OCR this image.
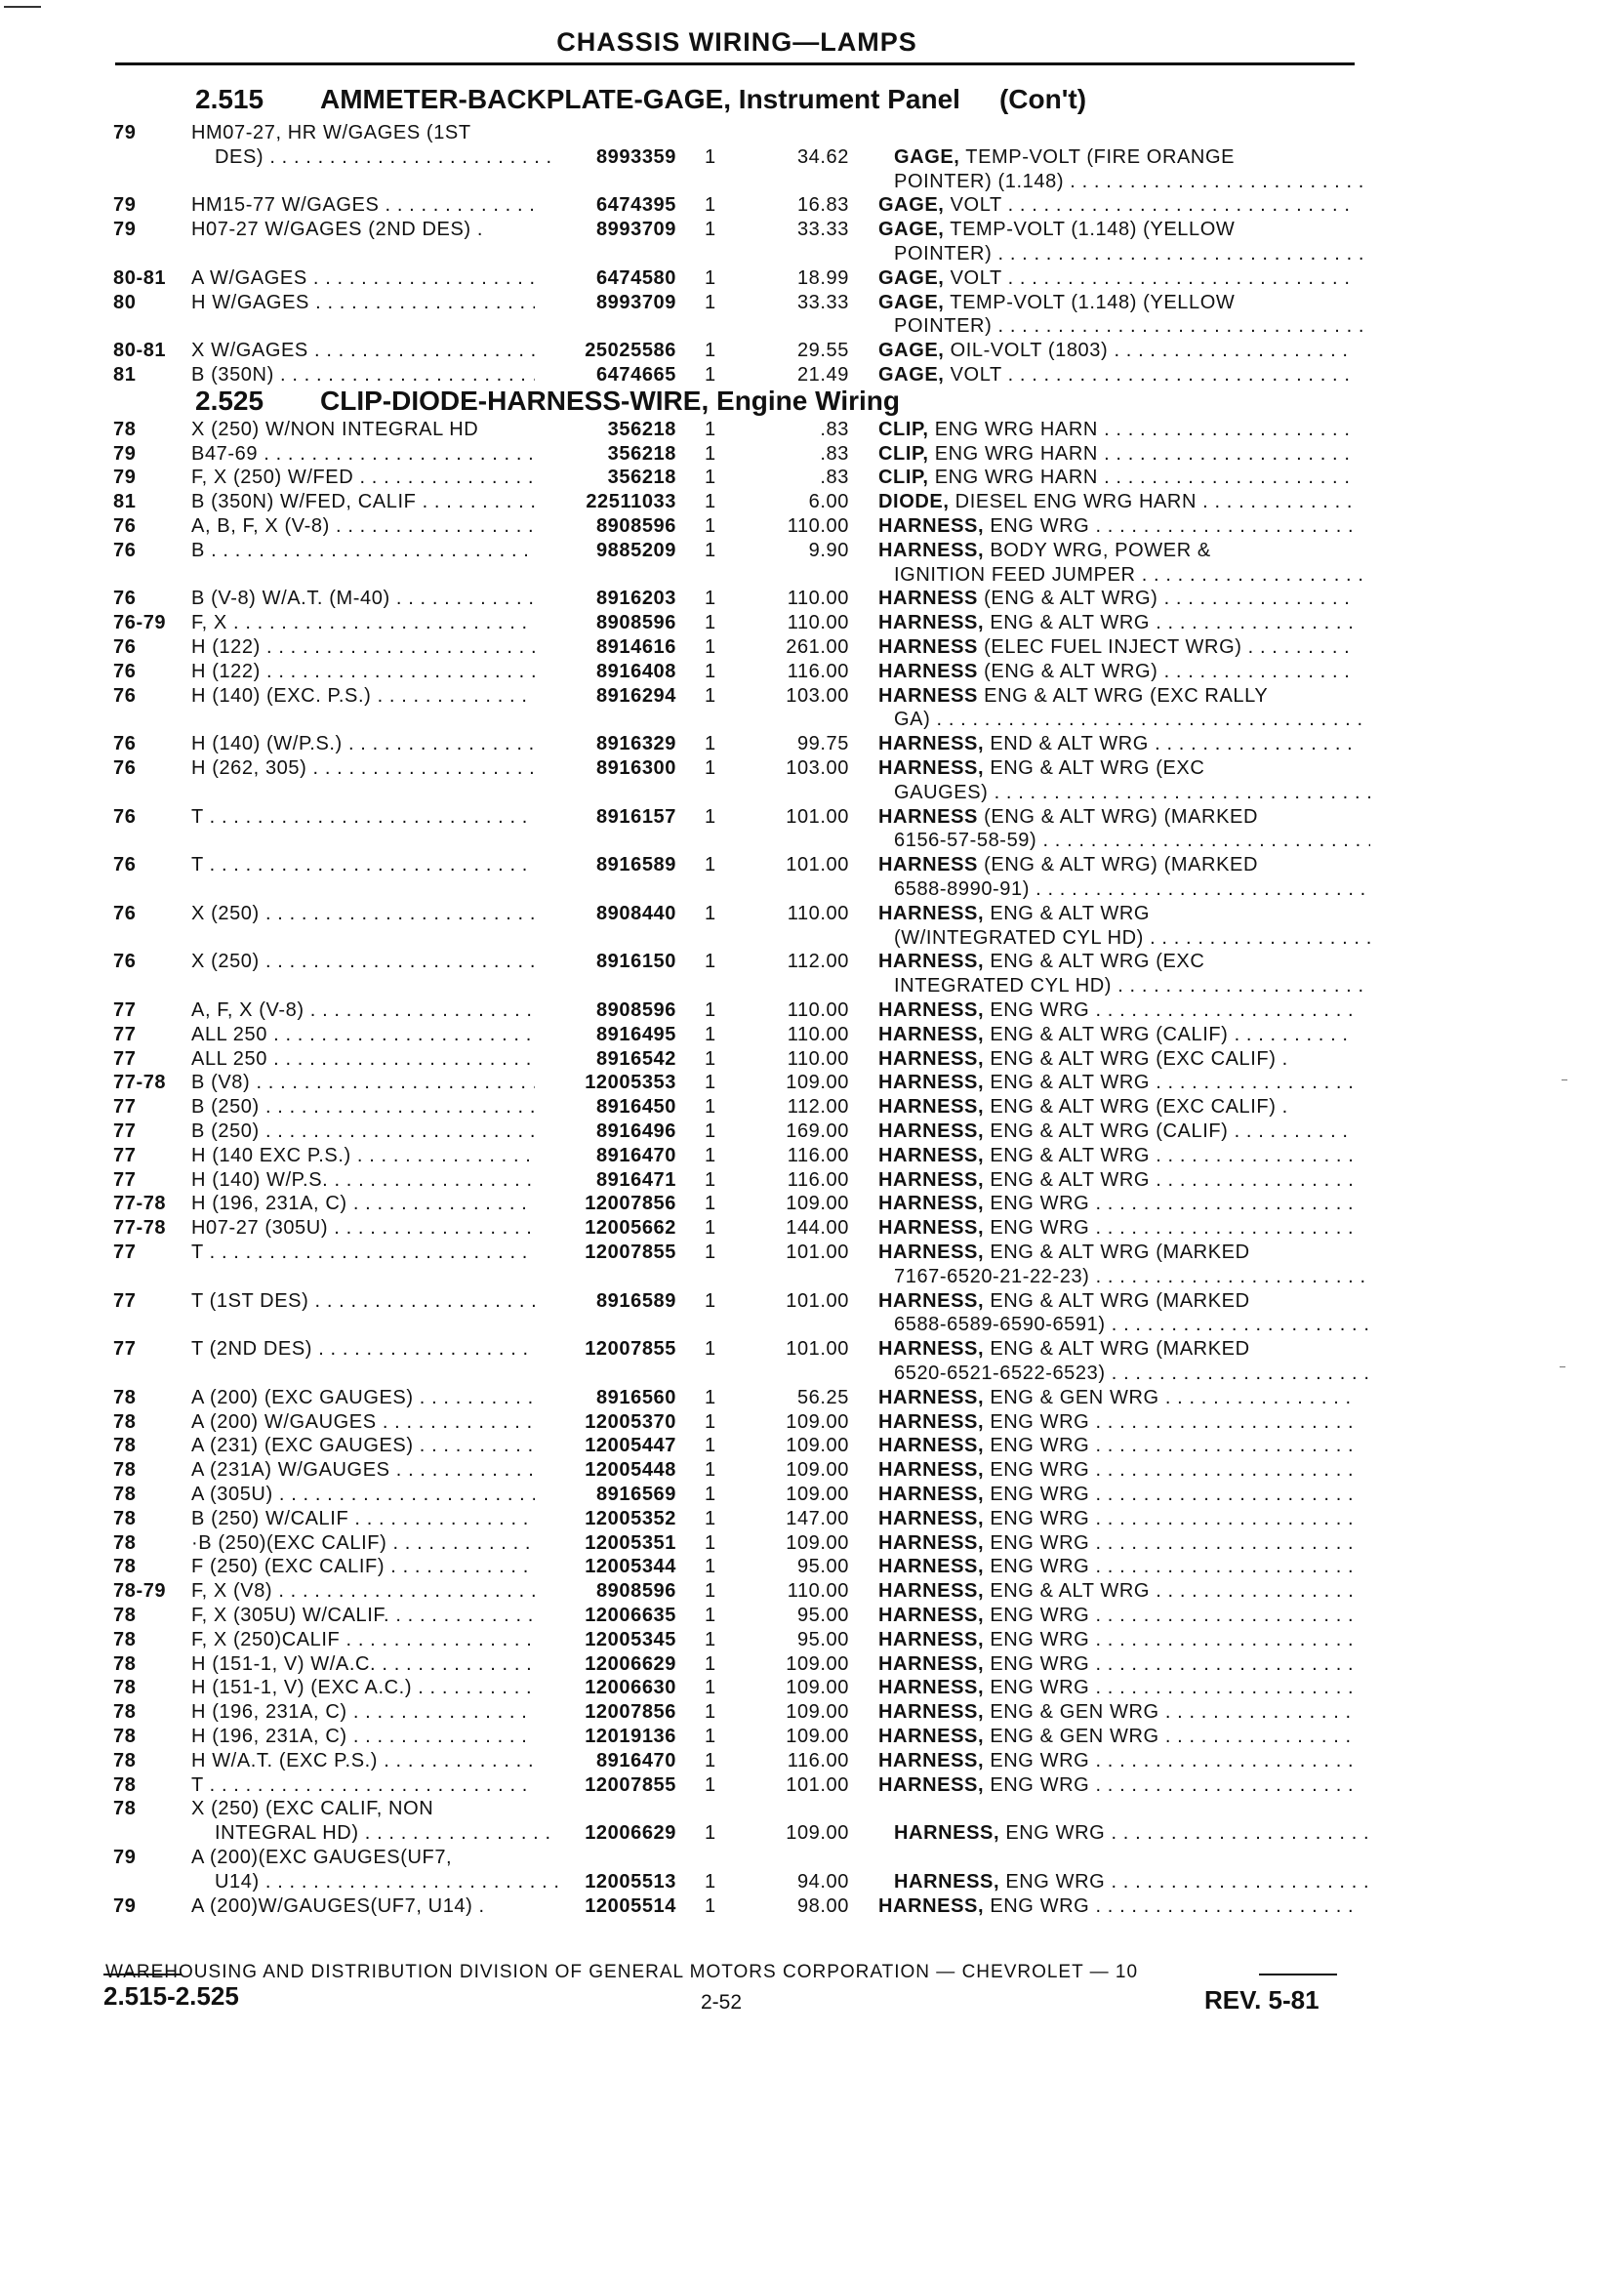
CHASSIS WIRING—LAMPS
2.515 AMMETER-BACKPLATE-GAGE, Instrument Panel (Con't)
79	HM07-27, HR W/GAGES (1ST
DES) . . .	8993359 1	34.62 GAGE, TEMP-VOLT (FIRE ORANGE
POINTER) (1.148) . . .
79	HM15-77 W/GAGES . . .	6474395 1	16.83 GAGE, VOLT . . .
79	H07-27 W/GAGES (2ND DES) .	8993709 1	33.33 GAGE, TEMP-VOLT (1.148) (YELLOW
POINTER) . . .
80-81 A W/GAGES . . .	6474580 1	18.99 GAGE, VOLT . . .
80	H W/GAGES . . .	8993709 1	33.33 GAGE, TEMP-VOLT (1.148) (YELLOW
POINTER) . . .
80-81 X W/GAGES . . .	25025586 1	29.55 GAGE, OIL-VOLT (1803) . . .
81	B (350N) . . .	6474665 1	21.49 GAGE, VOLT . . .
2.525 CLIP-DIODE-HARNESS-WIRE, Engine Wiring
78	X (250) W/NON INTEGRAL HD	356218 1	.83 CLIP, ENG WRG HARN . . .
79	B47-69 . . .	356218 1	.83 CLIP, ENG WRG HARN . . .
79	F, X (250) W/FED . . .	356218 1	.83 CLIP, ENG WRG HARN . . .
81	B (350N) W/FED, CALIF . . .	22511033 1	6.00 DIODE, DIESEL ENG WRG HARN . . .
76	A, B, F, X (V-8) . . .	8908596 1	110.00 HARNESS, ENG WRG . . .
76	B . . .	9885209 1	9.90 HARNESS, BODY WRG, POWER &
IGNITION FEED JUMPER . . .
76	B (V-8) W/A.T. (M-40) . . .	8916203 1	110.00 HARNESS (ENG & ALT WRG) . . .
76-79 F, X . . .	8908596 1	110.00 HARNESS, ENG & ALT WRG . . .
76	H (122) . . .	8914616 1	261.00 HARNESS (ELEC FUEL INJECT WRG) . . .
76	H (122) . . .	8916408 1	116.00 HARNESS (ENG & ALT WRG) . . .
76	H (140) (EXC. P.S.) . . .	8916294 1	103.00 HARNESS ENG & ALT WRG (EXC RALLY
GA) . . .
76	H (140) (W/P.S.) . . .	8916329 1	99.75 HARNESS, END & ALT WRG . . .
76	H (262, 305) . . .	8916300 1	103.00 HARNESS, ENG & ALT WRG (EXC
GAUGES) . . .
76	T . . .	8916157 1	101.00 HARNESS (ENG & ALT WRG) (MARKED
6156-57-58-59) . . .
76	T . . .	8916589 1	101.00 HARNESS (ENG & ALT WRG) (MARKED
6588-8990-91) . . .
76	X (250) . . .	8908440 1	110.00 HARNESS, ENG & ALT WRG
(W/INTEGRATED CYL HD) . . .
76	X (250) . . .	8916150 1	112.00 HARNESS, ENG & ALT WRG (EXC
INTEGRATED CYL HD) . . .
77	A, F, X (V-8) . . .	8908596 1	110.00 HARNESS, ENG WRG . . .
77	ALL 250 . . .	8916495 1	110.00 HARNESS, ENG & ALT WRG (CALIF) . . .
77	ALL 250 . . .	8916542 1	110.00 HARNESS, ENG & ALT WRG (EXC CALIF) .
77-78 B (V8) . . .	12005353 1	109.00 HARNESS, ENG & ALT WRG . . .
77	B (250) . . .	8916450 1	112.00 HARNESS, ENG & ALT WRG (EXC CALIF) .
77	B (250) . . .	8916496 1	169.00 HARNESS, ENG & ALT WRG (CALIF) . . .
77	H (140 EXC P.S.) . . .	8916470 1	116.00 HARNESS, ENG & ALT WRG . . .
77	H (140) W/P.S. . . .	8916471 1	116.00 HARNESS, ENG & ALT WRG . . .
77-78 H (196, 231A, C) . . .	12007856 1	109.00 HARNESS, ENG WRG . . .
77-78 H07-27 (305U) . . .	12005662 1	144.00 HARNESS, ENG WRG . . .
77	T . . .	12007855 1	101.00 HARNESS, ENG & ALT WRG (MARKED
7167-6520-21-22-23) . . .
77	T (1ST DES) . . .	8916589 1	101.00 HARNESS, ENG & ALT WRG (MARKED
6588-6589-6590-6591) . . .
77	T (2ND DES) . . .	12007855 1	101.00 HARNESS, ENG & ALT WRG (MARKED
6520-6521-6522-6523) . . .
78	A (200) (EXC GAUGES) . . .	8916560 1	56.25 HARNESS, ENG & GEN WRG . . .
78	A (200) W/GAUGES . . .	12005370 1	109.00 HARNESS, ENG WRG . . .
78	A (231) (EXC GAUGES) . . .	12005447 1	109.00 HARNESS, ENG WRG . . .
78	A (231A) W/GAUGES . . .	12005448 1	109.00 HARNESS, ENG WRG . . .
78	A (305U) . . .	8916569 1	109.00 HARNESS, ENG WRG . . .
78	B (250) W/CALIF . . .	12005352 1	147.00 HARNESS, ENG WRG . . .
78	·B (250)(EXC CALIF) . . .	12005351 1	109.00 HARNESS, ENG WRG . . .
78	F (250) (EXC CALIF) . . .	12005344 1	95.00 HARNESS, ENG WRG . . .
78-79 F, X (V8) . . .	8908596 1	110.00 HARNESS, ENG & ALT WRG . . .
78	F, X (305U) W/CALIF. . . .	12006635 1	95.00 HARNESS, ENG WRG . . .
78	F, X (250)CALIF . . .	12005345 1	95.00 HARNESS, ENG WRG . . .
78	H (151-1, V) W/A.C. . . .	12006629 1	109.00 HARNESS, ENG WRG . . .
78	H (151-1, V) (EXC A.C.) . . .	12006630 1	109.00 HARNESS, ENG WRG . . .
78	H (196, 231A, C) . . .	12007856 1	109.00 HARNESS, ENG & GEN WRG . . .
78	H (196, 231A, C) . . .	12019136 1	109.00 HARNESS, ENG & GEN WRG . . .
78	H W/A.T. (EXC P.S.) . . .	8916470 1	116.00 HARNESS, ENG WRG . . .
78	T . . .	12007855 1	101.00 HARNESS, ENG WRG . . .
78	X (250) (EXC CALIF, NON
INTEGRAL HD) . . .	12006629 1	109.00 HARNESS, ENG WRG . . .
79	A (200)(EXC GAUGES(UF7,
U14) . . .	12005513 1	94.00 HARNESS, ENG WRG . . .
79	A (200)W/GAUGES(UF7, U14) .	12005514 1	98.00 HARNESS, ENG WRG . . .
WAREHOUSING AND DISTRIBUTION DIVISION OF GENERAL MOTORS CORPORATION — CHEVROLET — 10
2.515-2.525	2-52	REV. 5-81
